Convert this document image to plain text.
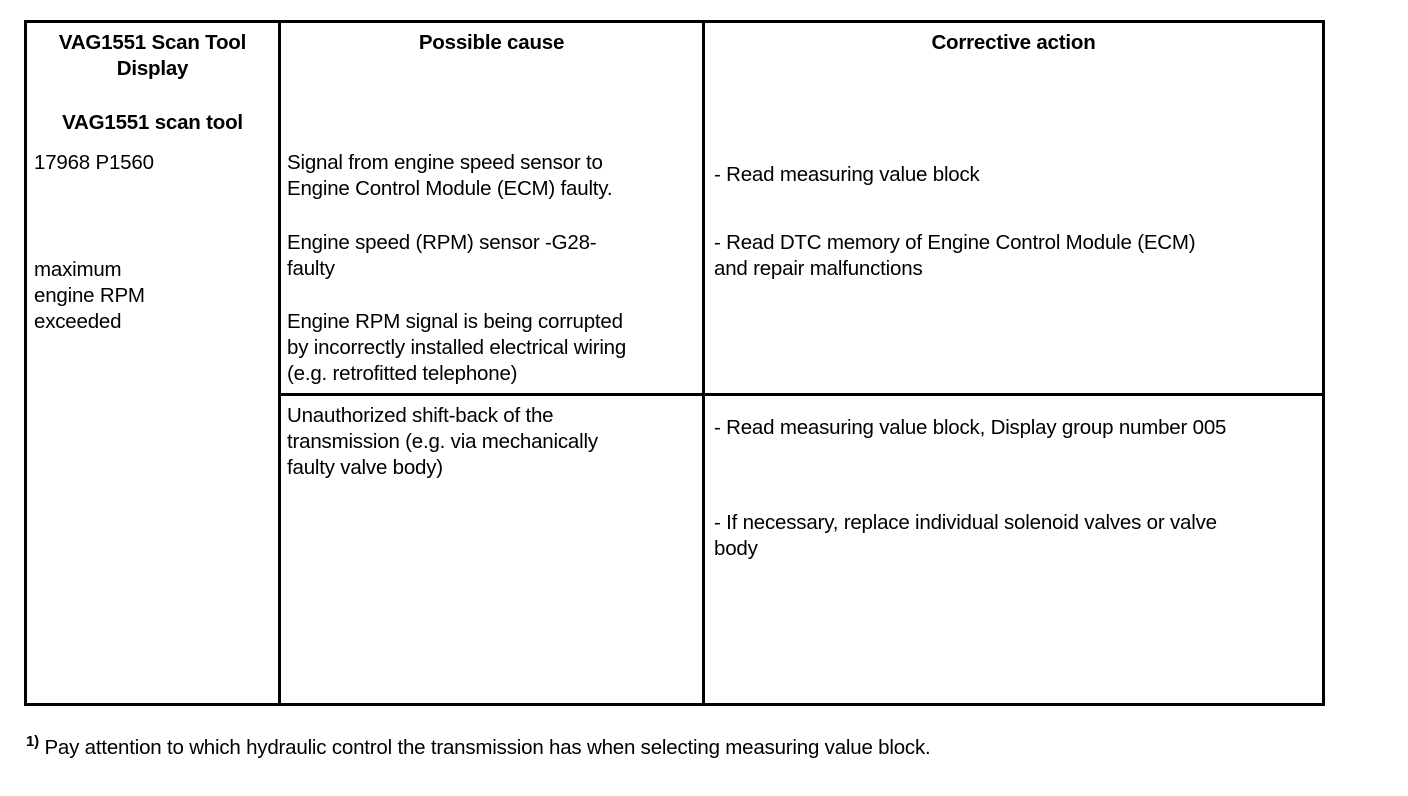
VAG1551 Scan Tool
Display
VAG1551 scan tool
Possible cause	Corrective action
17968 P1560
maximum
engine RPM
exceeded
Signal from engine speed sensor to
Engine Control Module (ECM) faulty.
Engine speed (RPM) sensor -G28-
faulty
Engine RPM signal is being corrupted
by incorrectly installed electrical wiring
(e.g. retrofitted telephone)
Unauthorized shift-back of the
transmission (e.g. via mechanically
faulty valve body)
- Read measuring value block
- Read DTC memory of Engine Control Module (ECM)
and repair malfunctions
- Read measuring value block, Display group number 005
- If necessary, replace individual solenoid valves or valve
body
$^{1)}$ Pay attention to which hydraulic control the transmission has when selecting measuring value block.
